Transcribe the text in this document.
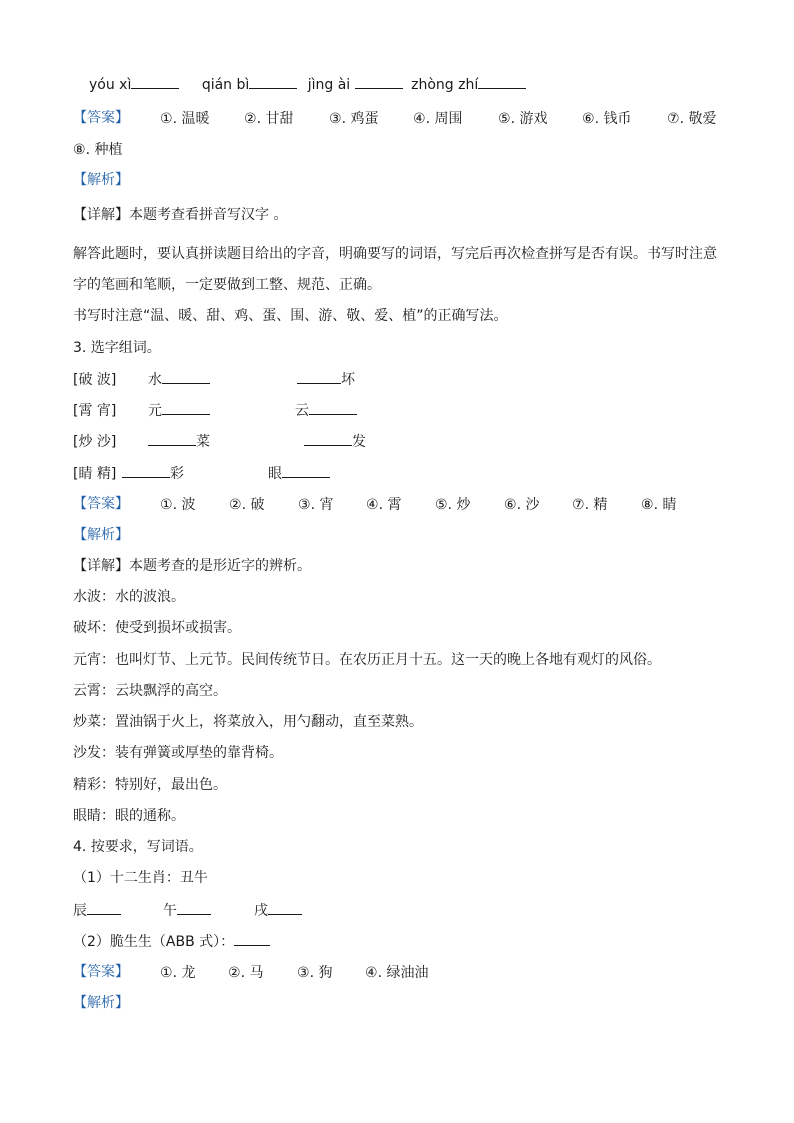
yóu xì	qián bì	jìng ài	zhòng zhí
【答案】 ①. 温暖 ②. 甘甜	③. 鸡蛋 ④. 周围	⑤. 游戏 ⑥. 钱币	⑦. 敬爱
⑧. 种植
【解析】
【详解】本题考查看拼音写汉字 。
解答此题时，要认真拼读题目给出的字音，明确要写的词语，写完后再次检查拼写是否有误。书写时注意
字的笔画和笔顺，一定要做到工整、规范、正确。
书写时注意“温、暖、甜、鸡、蛋、围、游、敬、爱、植”的正确写法。
3. 选字组词。
[破 波] 水	坏
[霄 宵] 元	云
[炒 沙]	菜	发
[睛 精]	彩	眼
【答案】 ①. 波 ②. 破 ③. 宵 ④. 霄 ⑤. 炒 ⑥. 沙 ⑦. 精 ⑧. 睛
【解析】
【详解】本题考查的是形近字的辨析。
水波：水的波浪。
破坏：使受到损坏或损害。
元宵：也叫灯节、上元节。民间传统节日。在农历正月十五。这一天的晚上各地有观灯的风俗。
云霄：云块飘浮的高空。
炒菜：置油锅于火上，将菜放入，用勺翻动，直至菜熟。
沙发：装有弹簧或厚垫的靠背椅。
精彩：特别好，最出色。
眼睛：眼的通称。
4. 按要求，写词语。
（1）十二生肖：丑牛
辰	午	戌
（2）脆生生（ABB 式）：
【答案】 ①. 龙 ②. 马 ③. 狗 ④. 绿油油
【解析】
